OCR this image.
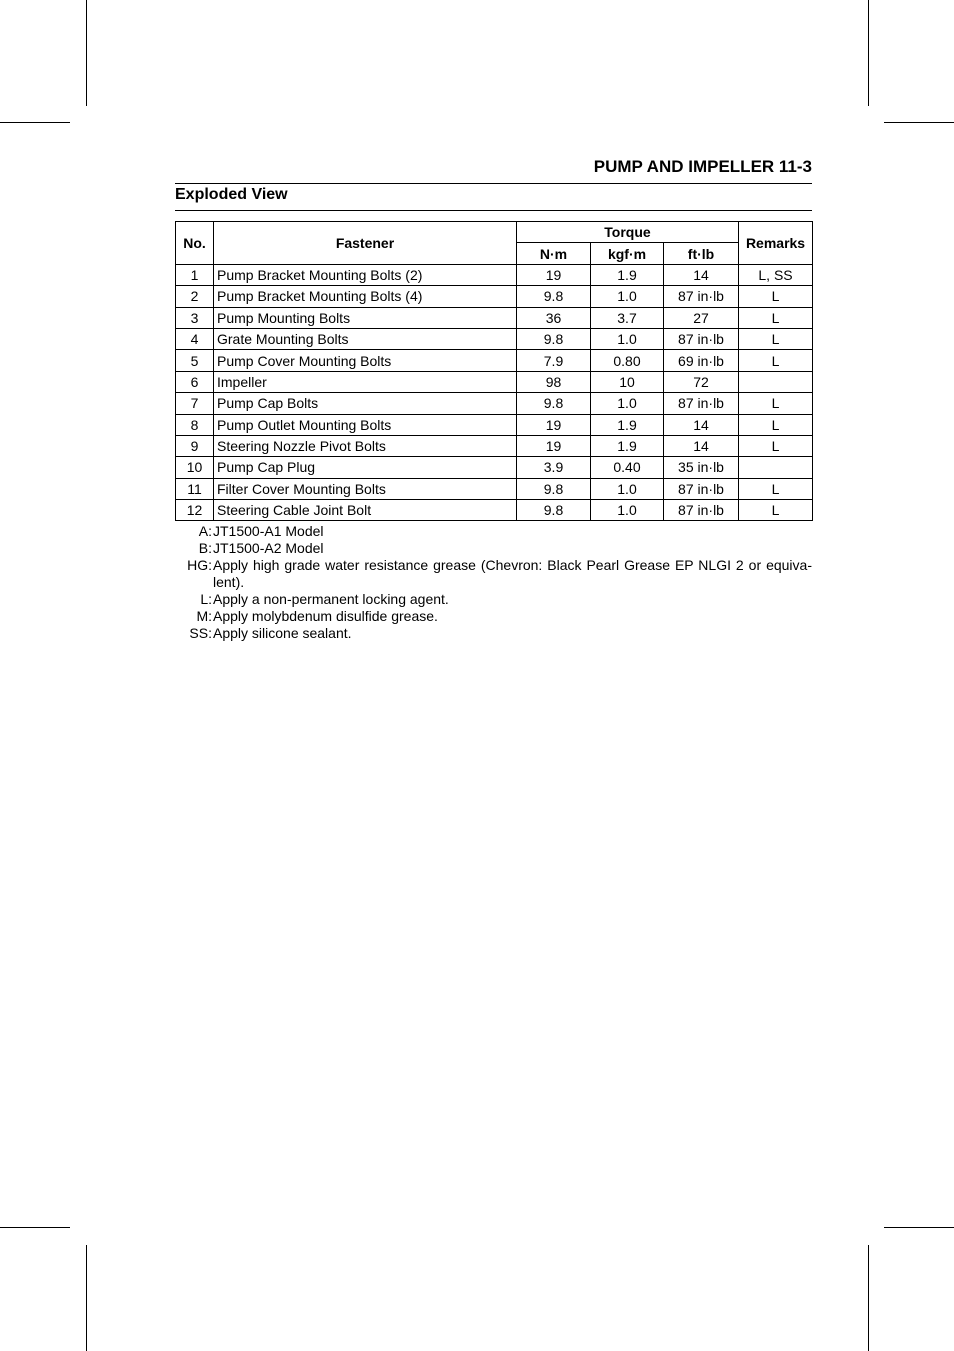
PUMP AND IMPELLER 11-3
Exploded View
No.	Fastener	Torque			Remarks
		N·m	kgf·m	ft·lb	
1	Pump Bracket Mounting Bolts (2)	19	1.9	14	L, SS
2	Pump Bracket Mounting Bolts (4)	9.8	1.0	87 in·lb	L
3	Pump Mounting Bolts	36	3.7	27	L
4	Grate Mounting Bolts	9.8	1.0	87 in·lb	L
5	Pump Cover Mounting Bolts	7.9	0.80	69 in·lb	L
6	Impeller	98	10	72	
7	Pump Cap Bolts	9.8	1.0	87 in·lb	L
8	Pump Outlet Mounting Bolts	19	1.9	14	L
9	Steering Nozzle Pivot Bolts	19	1.9	14	L
10	Pump Cap Plug	3.9	0.40	35 in·lb	
11	Filter Cover Mounting Bolts	9.8	1.0	87 in·lb	L
12	Steering Cable Joint Bolt	9.8	1.0	87 in·lb	L
A: JT1500-A1 Model
B: JT1500-A2 Model
HG: Apply high grade water resistance grease (Chevron: Black Pearl Grease EP NLGI 2 or equiva-lent).
L: Apply a non-permanent locking agent.
M: Apply molybdenum disulfide grease.
SS: Apply silicone sealant.
